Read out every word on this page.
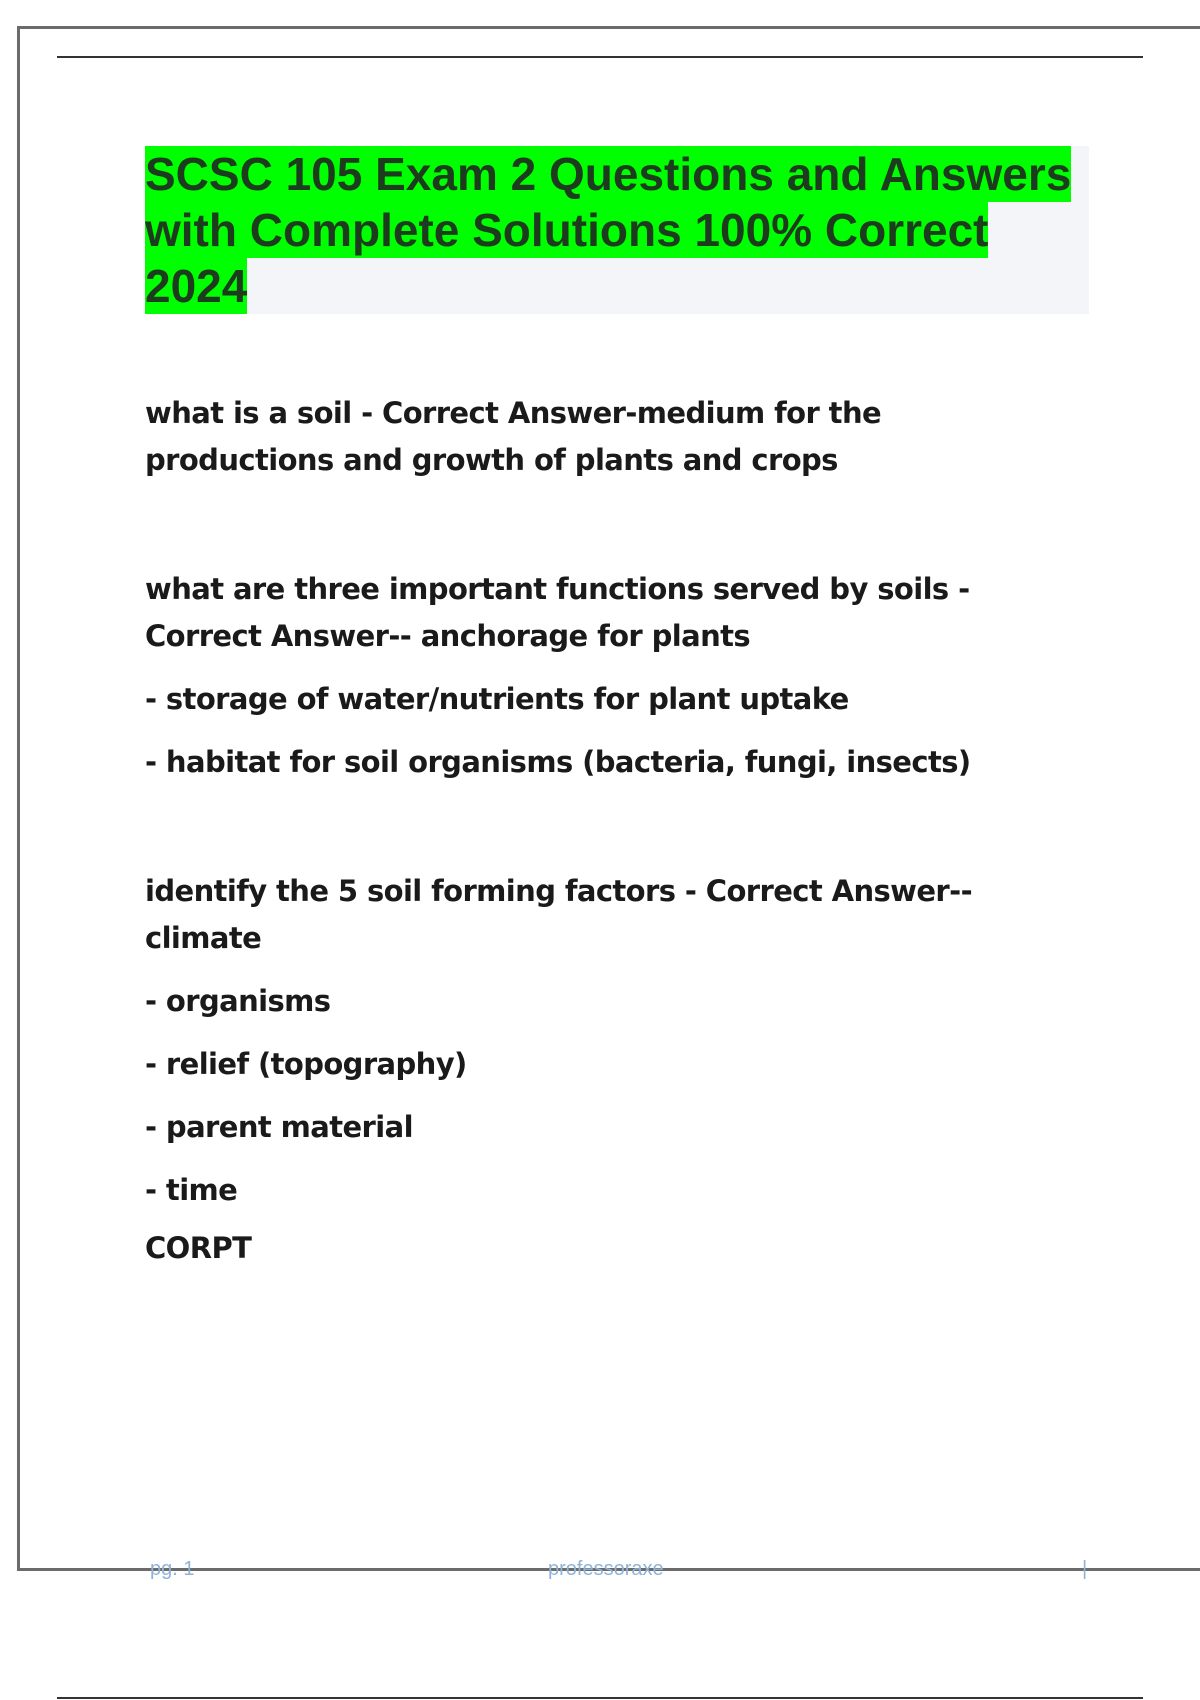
SCSC 105 Exam 2 Questions and Answers with Complete Solutions 100% Correct 2024

what is a soil - Correct Answer-medium for the productions and growth of plants and crops

what are three important functions served by soils - Correct Answer-- anchorage for plants

- storage of water/nutrients for plant uptake

- habitat for soil organisms (bacteria, fungi, insects)

identify the 5 soil forming factors - Correct Answer-- climate

- organisms

- relief (topography)

- parent material

- time

CORPT

pg. 1	professoraxe	|
